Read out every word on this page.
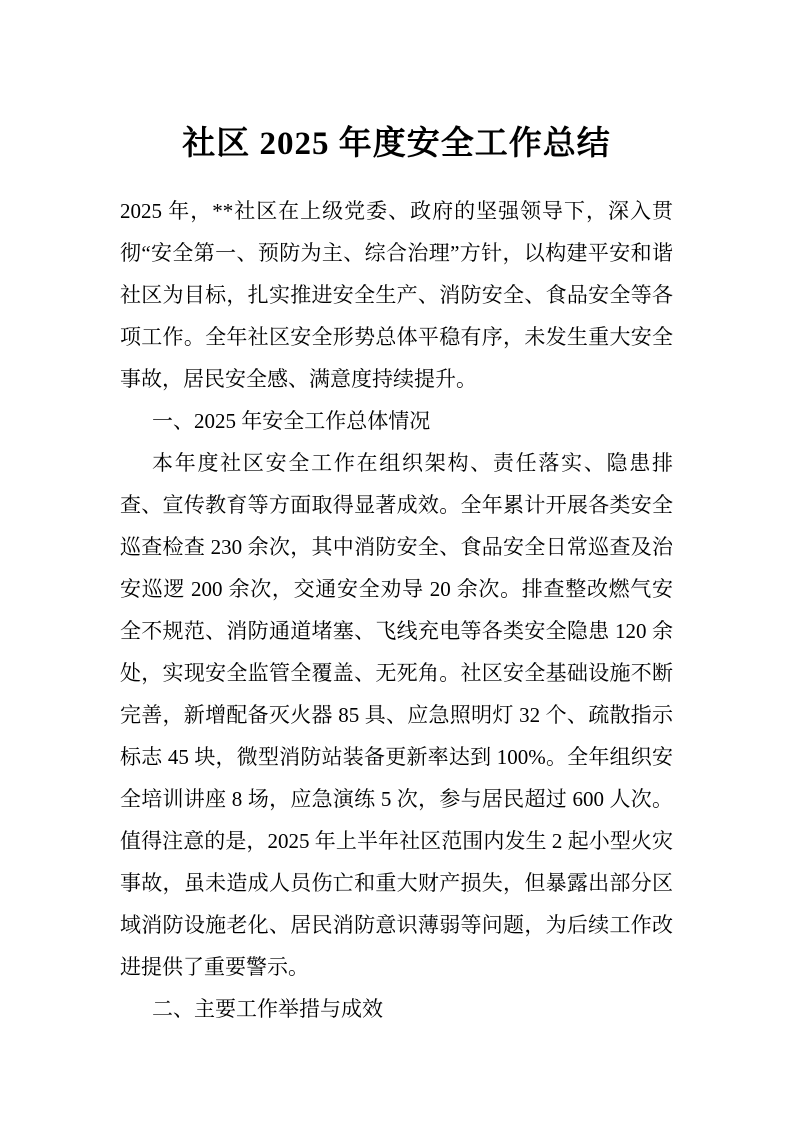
社区 2025 年度安全工作总结

2025 年，**社区在上级党委、政府的坚强领导下，深入贯彻“安全第一、预防为主、综合治理”方针，以构建平安和谐社区为目标，扎实推进安全生产、消防安全、食品安全等各项工作。全年社区安全形势总体平稳有序，未发生重大安全事故，居民安全感、满意度持续提升。

一、2025 年安全工作总体情况

本年度社区安全工作在组织架构、责任落实、隐患排查、宣传教育等方面取得显著成效。全年累计开展各类安全巡查检查 230 余次，其中消防安全、食品安全日常巡查及治安巡逻 200 余次，交通安全劝导 20 余次。排查整改燃气安全不规范、消防通道堵塞、飞线充电等各类安全隐患 120 余处，实现安全监管全覆盖、无死角。社区安全基础设施不断完善，新增配备灭火器 85 具、应急照明灯 32 个、疏散指示标志 45 块，微型消防站装备更新率达到 100%。全年组织安全培训讲座 8 场，应急演练 5 次，参与居民超过 600 人次。值得注意的是，2025 年上半年社区范围内发生 2 起小型火灾事故，虽未造成人员伤亡和重大财产损失，但暴露出部分区域消防设施老化、居民消防意识薄弱等问题，为后续工作改进提供了重要警示。

二、主要工作举措与成效
